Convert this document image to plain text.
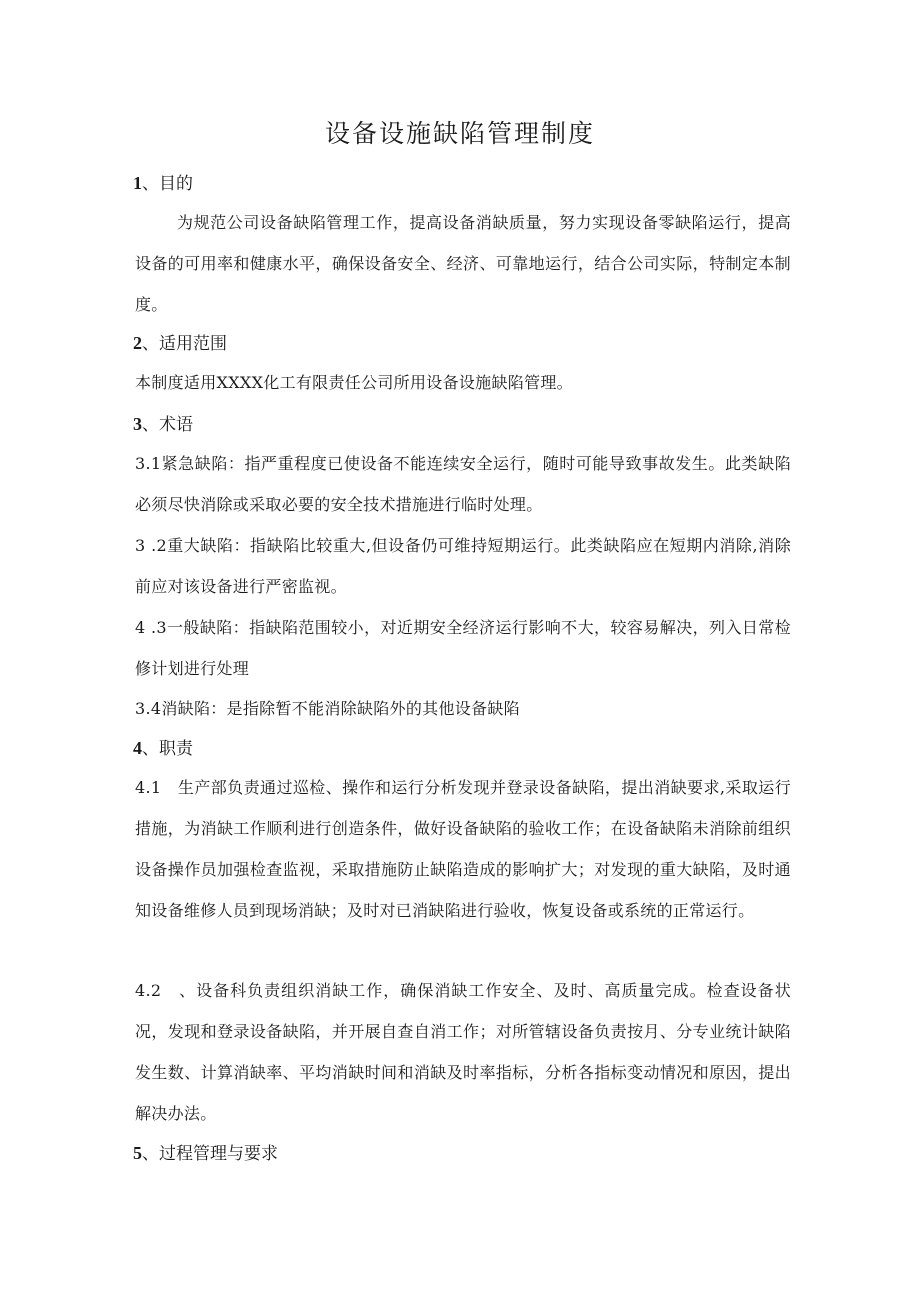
设备设施缺陷管理制度
1、目的
为规范公司设备缺陷管理工作，提高设备消缺质量，努力实现设备零缺陷运行，提高设备的可用率和健康水平，确保设备安全、经济、可靠地运行，结合公司实际，特制定本制度。
2、适用范围
本制度适用XXXX化工有限责任公司所用设备设施缺陷管理。
3、术语
3.1紧急缺陷：指严重程度已使设备不能连续安全运行，随时可能导致事故发生。此类缺陷必须尽快消除或采取必要的安全技术措施进行临时处理。
3 .2重大缺陷：指缺陷比较重大,但设备仍可维持短期运行。此类缺陷应在短期内消除,消除前应对该设备进行严密监视。
4 .3一般缺陷：指缺陷范围较小，对近期安全经济运行影响不大，较容易解决，列入日常检修计划进行处理
3.4消缺陷：是指除暂不能消除缺陷外的其他设备缺陷
4、职责
4.1　生产部负责通过巡检、操作和运行分析发现并登录设备缺陷，提出消缺要求,采取运行措施，为消缺工作顺利进行创造条件，做好设备缺陷的验收工作；在设备缺陷未消除前组织设备操作员加强检查监视，采取措施防止缺陷造成的影响扩大；对发现的重大缺陷，及时通知设备维修人员到现场消缺；及时对已消缺陷进行验收，恢复设备或系统的正常运行。
4.2　、设备科负责组织消缺工作，确保消缺工作安全、及时、高质量完成。检查设备状况，发现和登录设备缺陷，并开展自查自消工作；对所管辖设备负责按月、分专业统计缺陷发生数、计算消缺率、平均消缺时间和消缺及时率指标，分析各指标变动情况和原因，提出解决办法。
5、过程管理与要求
